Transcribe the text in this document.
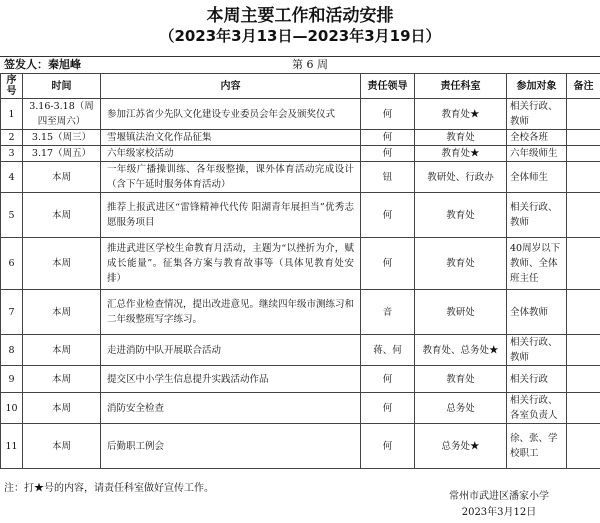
本周主要工作和活动安排
（2023年3月13日—2023年3月19日）
签发人：秦旭峰	第 6 周
序号	时间	内容	责任领导	责任科室	参加对象	备注
1	3.16-3.18（周四至周六）	参加江苏省少先队文化建设专业委员会年会及颁奖仪式	何	教育处★	相关行政、教师	
2	3.15（周三）	雪堰镇法治文化作品征集	何	教育处	全校各班	
3	3.17（周五）	六年级家校活动	何	教育处★	六年级师生	
4	本周	一年级广播操训练、各年级整操，课外体育活动完成设计（含下午延时服务体育活动）	钮	教研处、行政办	全体师生	
5	本周	推荐上报武进区“雷锋精神代代传 阳湖青年展担当”优秀志愿服务项目	何	教育处	相关行政、教师	
6	本周	推进武进区学校生命教育月活动，主题为“以挫折为介，赋成长能量”。征集各方案与教育故事等（具体见教育处安排）	何	教育处	40周岁以下教师、全体班主任	
7	本周	汇总作业检查情况，提出改进意见。继续四年级市测练习和二年级整班写字练习。	音	教研处	全体教师	
8	本周	走进消防中队开展联合活动	蒋、何	教育处、总务处★	相关行政、教师	
9	本周	提交区中小学生信息提升实践活动作品	何	教育处	相关行政	
10	本周	消防安全检查	何	总务处	相关行政、各室负责人	
11	本周	后勤职工例会	何	总务处★	徐、张、学校职工	
注：打★号的内容，请责任科室做好宣传工作。
常州市武进区潘家小学
2023年3月12日
